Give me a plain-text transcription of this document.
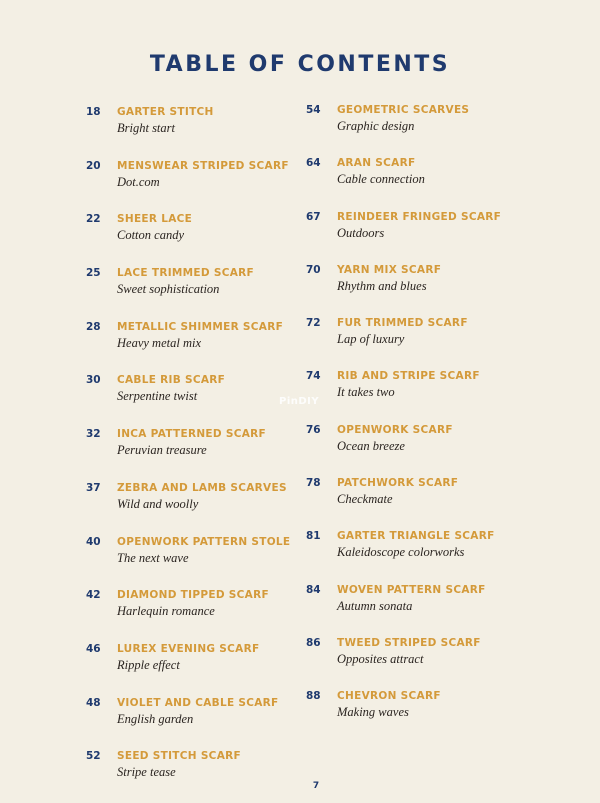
TABLE OF CONTENTS
18	GARTER STITCH
Bright start
20	MENSWEAR STRIPED SCARF
Dot.com
22	SHEER LACE
Cotton candy
25	LACE TRIMMED SCARF
Sweet sophistication
28	METALLIC SHIMMER SCARF
Heavy metal mix
30	CABLE RIB SCARF
Serpentine twist
32	INCA PATTERNED SCARF
Peruvian treasure
37	ZEBRA AND LAMB SCARVES
Wild and woolly
40	OPENWORK PATTERN STOLE
The next wave
42	DIAMOND TIPPED SCARF
Harlequin romance
46	LUREX EVENING SCARF
Ripple effect
48	VIOLET AND CABLE SCARF
English garden
52	SEED STITCH SCARF
Stripe tease
54	GEOMETRIC SCARVES
Graphic design
64	ARAN SCARF
Cable connection
67	REINDEER FRINGED SCARF
Outdoors
70	YARN MIX SCARF
Rhythm and blues
72	FUR TRIMMED SCARF
Lap of luxury
74	RIB AND STRIPE SCARF
It takes two
76	OPENWORK SCARF
Ocean breeze
78	PATCHWORK SCARF
Checkmate
81	GARTER TRIANGLE SCARF
Kaleidoscope colorworks
84	WOVEN PATTERN SCARF
Autumn sonata
86	TWEED STRIPED SCARF
Opposites attract
88	CHEVRON SCARF
Making waves
PinDIY
7
